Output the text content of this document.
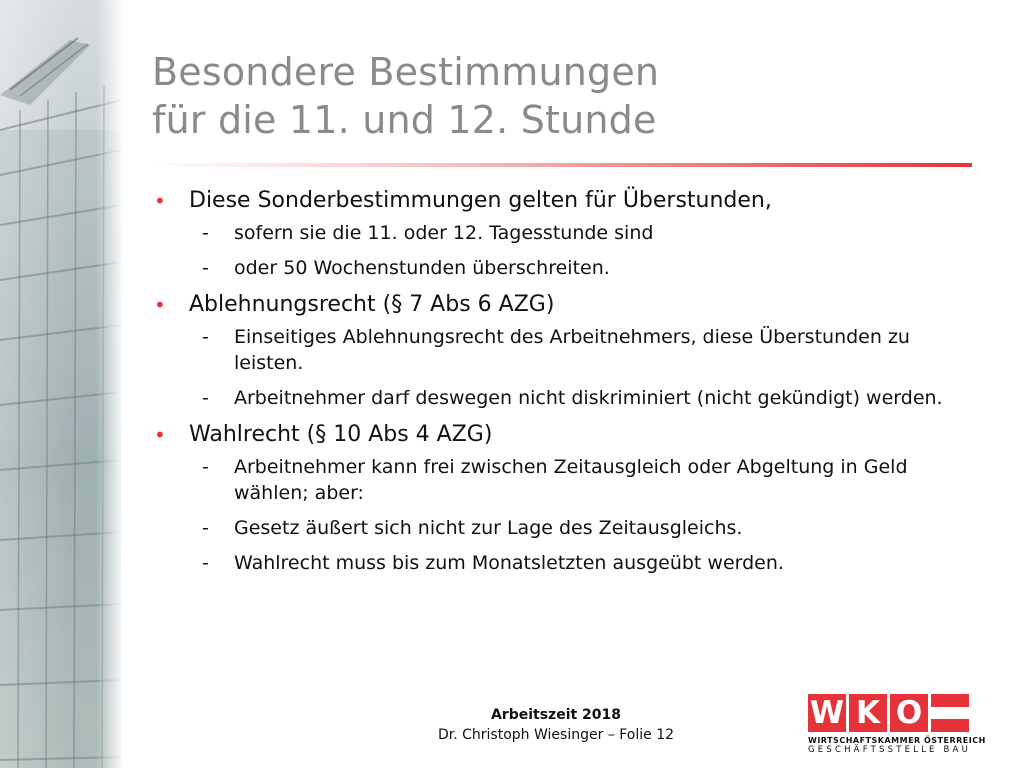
Besondere Bestimmungen
für die 11. und 12. Stunde
• Diese Sonderbestimmungen gelten für Überstunden,
- sofern sie die 11. oder 12. Tagesstunde sind
- oder 50 Wochenstunden überschreiten.
• Ablehnungsrecht (§ 7 Abs 6 AZG)
- Einseitiges Ablehnungsrecht des Arbeitnehmers, diese Überstunden zu leisten.
- Arbeitnehmer darf deswegen nicht diskriminiert (nicht gekündigt) werden.
• Wahlrecht (§ 10 Abs 4 AZG)
- Arbeitnehmer kann frei zwischen Zeitausgleich oder Abgeltung in Geld wählen; aber:
- Gesetz äußert sich nicht zur Lage des Zeitausgleichs.
- Wahlrecht muss bis zum Monatsletzten ausgeübt werden.
Arbeitszeit 2018
Dr. Christoph Wiesinger – Folie 12
W K O
WIRTSCHAFTSKAMMER ÖSTERREICH
GESCHÄFTSSTELLE BAU
